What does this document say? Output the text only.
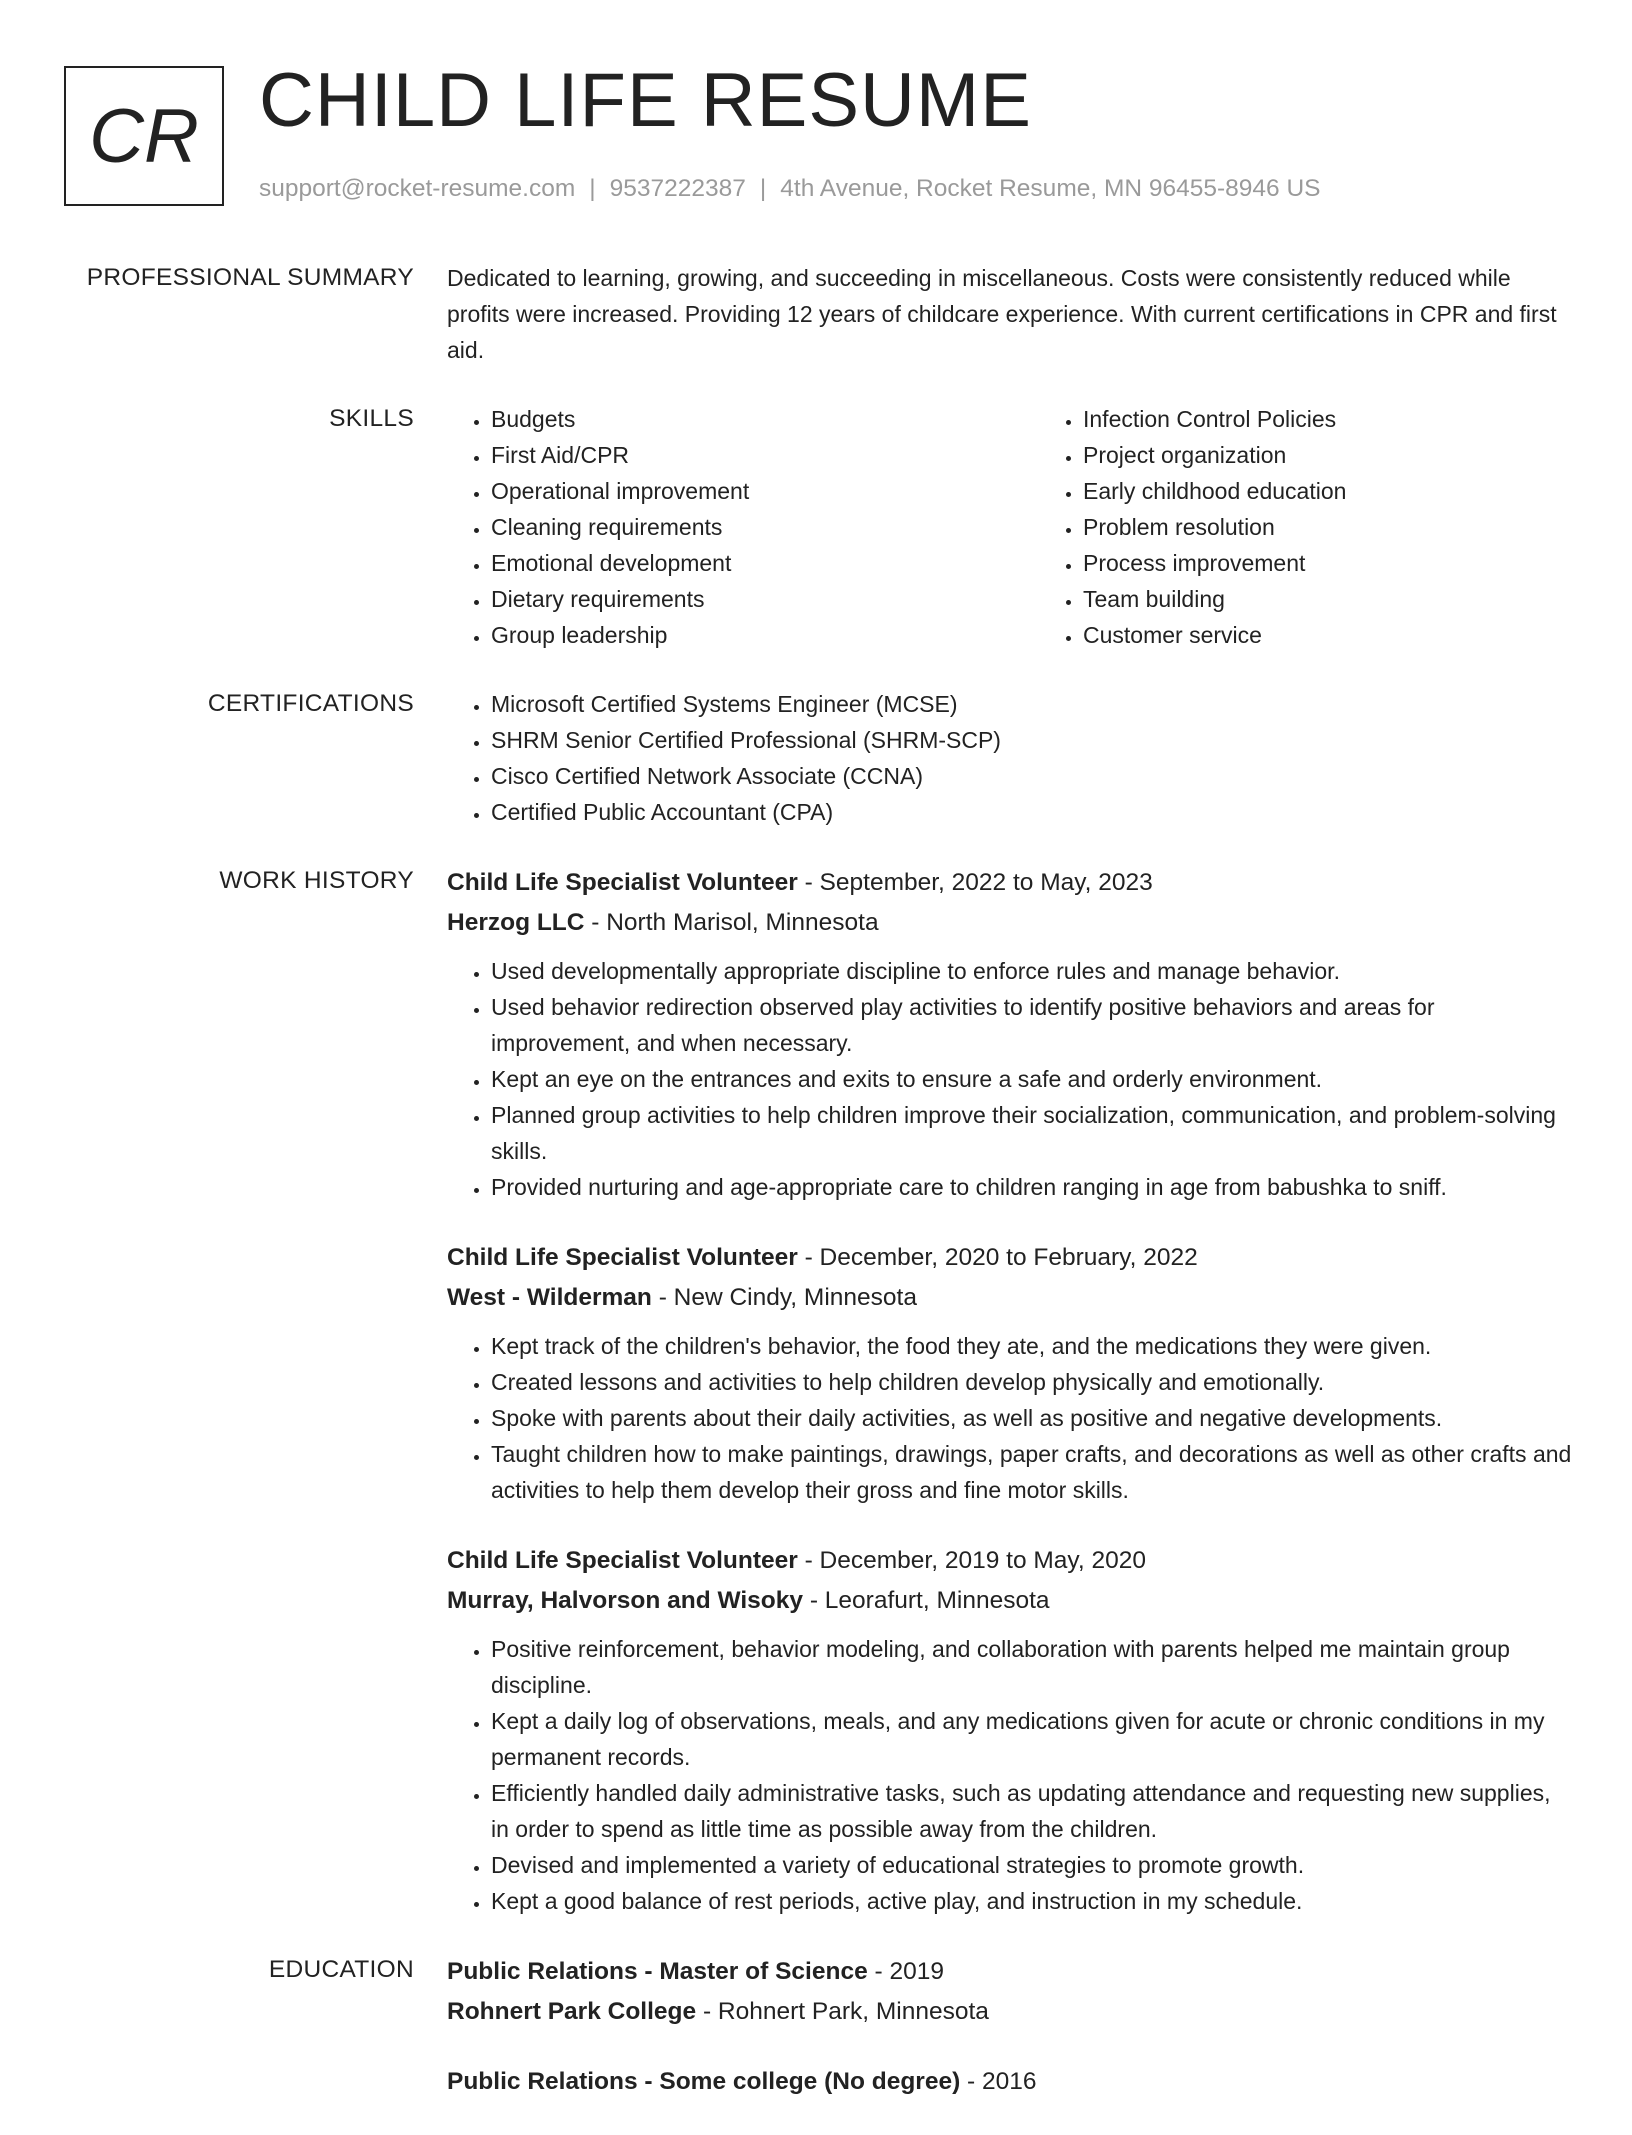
CR CHILD LIFE RESUME
support@rocket-resume.com | 9537222387 | 4th Avenue, Rocket Resume, MN 96455-8946 US
PROFESSIONAL SUMMARY Dedicated to learning, growing, and succeeding in miscellaneous. Costs were consistently reduced while profits were increased. Providing 12 years of childcare experience. With current certifications in CPR and first aid.

SKILLS	• Budgets
• First Aid/CPR
• Operational improvement
• Cleaning requirements
• Emotional development
• Dietary requirements
• Group leadership
• Infection Control Policies
• Project organization
• Early childhood education
• Problem resolution
• Process improvement
• Team building
• Customer service
CERTIFICATIONS	• Microsoft Certified Systems Engineer (MCSE)
• SHRM Senior Certified Professional (SHRM-SCP)
• Cisco Certified Network Associate (CCNA)
• Certified Public Accountant (CPA)
WORK HISTORY Child Life Specialist Volunteer - September, 2022 to May, 2023
Herzog LLC - North Marisol, Minnesota
• Used developmentally appropriate discipline to enforce rules and manage behavior.
• Used behavior redirection observed play activities to identify positive behaviors and areas for improvement, and when necessary.
• Kept an eye on the entrances and exits to ensure a safe and orderly environment.
• Planned group activities to help children improve their socialization, communication, and problem-solving skills.
• Provided nurturing and age-appropriate care to children ranging in age from babushka to sniff.
Child Life Specialist Volunteer - December, 2020 to February, 2022
West - Wilderman - New Cindy, Minnesota
• Kept track of the children's behavior, the food they ate, and the medications they were given.
• Created lessons and activities to help children develop physically and emotionally.
• Spoke with parents about their daily activities, as well as positive and negative developments.
• Taught children how to make paintings, drawings, paper crafts, and decorations as well as other crafts and activities to help them develop their gross and fine motor skills.
Child Life Specialist Volunteer - December, 2019 to May, 2020
Murray, Halvorson and Wisoky - Leorafurt, Minnesota
• Positive reinforcement, behavior modeling, and collaboration with parents helped me maintain group discipline.
• Kept a daily log of observations, meals, and any medications given for acute or chronic conditions in my permanent records.
• Efficiently handled daily administrative tasks, such as updating attendance and requesting new supplies, in order to spend as little time as possible away from the children.
• Devised and implemented a variety of educational strategies to promote growth.
• Kept a good balance of rest periods, active play, and instruction in my schedule.
EDUCATION Public Relations - Master of Science - 2019
Rohnert Park College - Rohnert Park, Minnesota
Public Relations - Some college (No degree) - 2016
